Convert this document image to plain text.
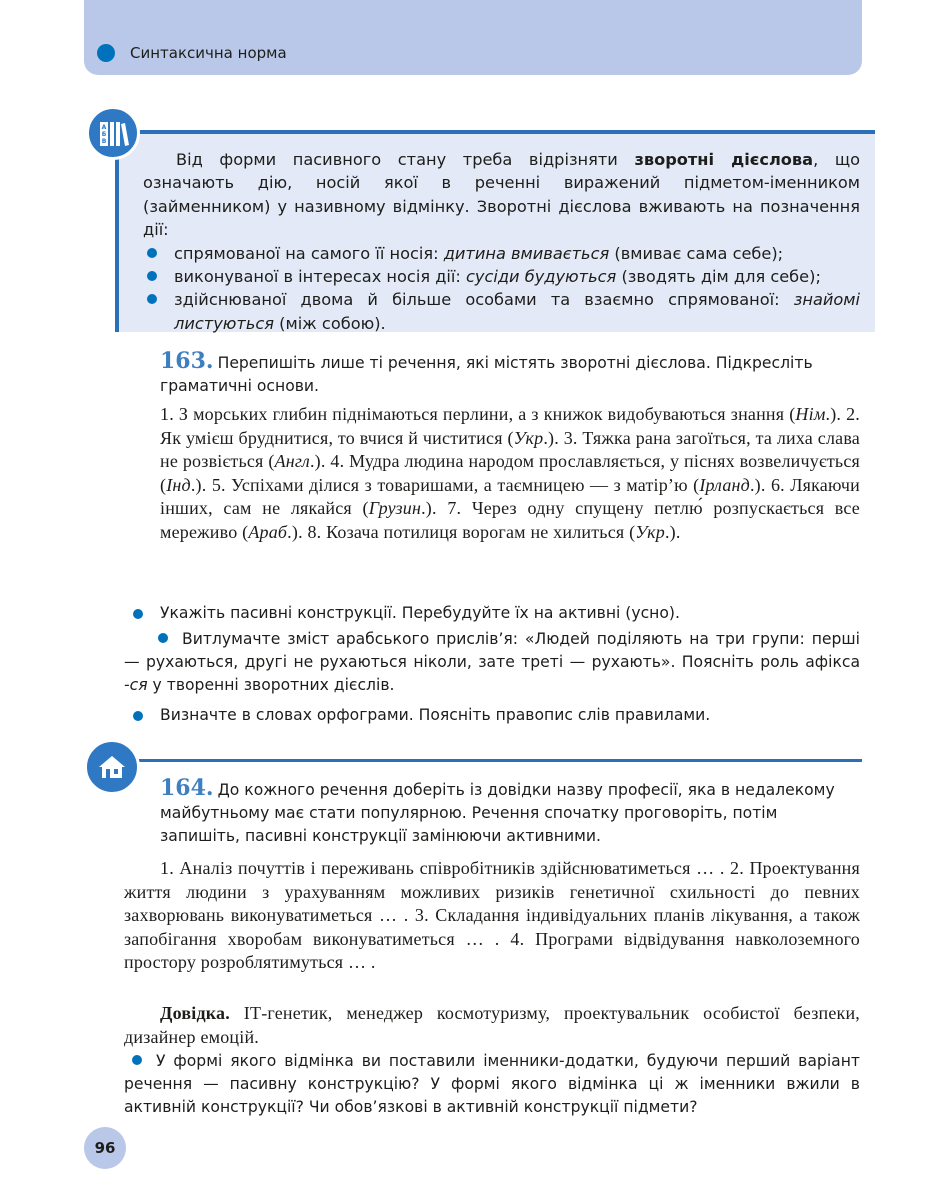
Синтаксична норма
А
Б
В

Від форми пасивного стану треба відрізняти зворотні дієслова, що означають дію, носій якої в реченні виражений підметом-іменником (займенником) у називному відмінку. Зворотні дієслова вживають на позначення дії:

спрямованої на самого її носія: дитина вмивається (вмиває сама себе);
виконуваної в інтересах носія дії: сусіди будуються (зводять дім для себе);
здійснюваної двома й більше особами та взаємно спрямованої: знайомі листуються (між собою).
163. Перепишіть лише ті речення, які містять зворотні дієслова. Підкресліть граматичні основи.
1. З морських глибин піднімаються перлини, а з книжок видобуваються знання (Нім.). 2. Як умієш бруднитися, то вчися й чиститися (Укр.). 3. Тяжка рана загоїться, та лиха слава не розвіється (Англ.). 4. Мудра людина народом прославляється, у піснях возвеличується (Інд.). 5. Успіхами ділися з товаришами, а таємницею — з матір’ю (Ірланд.). 6. Лякаючи інших, сам не лякайся (Грузин.). 7. Через одну спущену петлю́ розпускається все мереживо (Араб.). 8. Козача потилиця ворогам не хилиться (Укр.).
Укажіть пасивні конструкції. Перебудуйте їх на активні (усно).
Витлумачте зміст арабського прислів’я: «Людей поділяють на три групи: перші — рухаються, другі не рухаються ніколи, зате треті — рухають». Поясніть роль афікса -ся у творенні зворотних дієслів.
Визначте в словах орфограми. Поясніть правопис слів правилами.
164. До кожного речення доберіть із довідки назву професії, яка в недалекому майбутньому має стати популярною. Речення спочатку проговоріть, потім запишіть, пасивні конструкції замінюючи активними.
1. Аналіз почуттів і переживань співробітників здійснюватиметься … . 2. Проектування життя людини з урахуванням можливих ризиків генетичної схильності до певних захворювань виконуватиметься … . 3. Складання індивідуальних планів лікування, а також запобігання хворобам виконуватиметься … . 4. Програми відвідування навколоземного простору розроблятимуться … .
Довідка. ІТ-генетик, менеджер космотуризму, проектувальник особистої безпеки, дизайнер емоцій.
У формі якого відмінка ви поставили іменники-додатки, будуючи перший варіант речення — пасивну конструкцію? У формі якого відмінка ці ж іменники вжили в активній конструкції? Чи обов’язкові в активній конструкції підмети?
96
